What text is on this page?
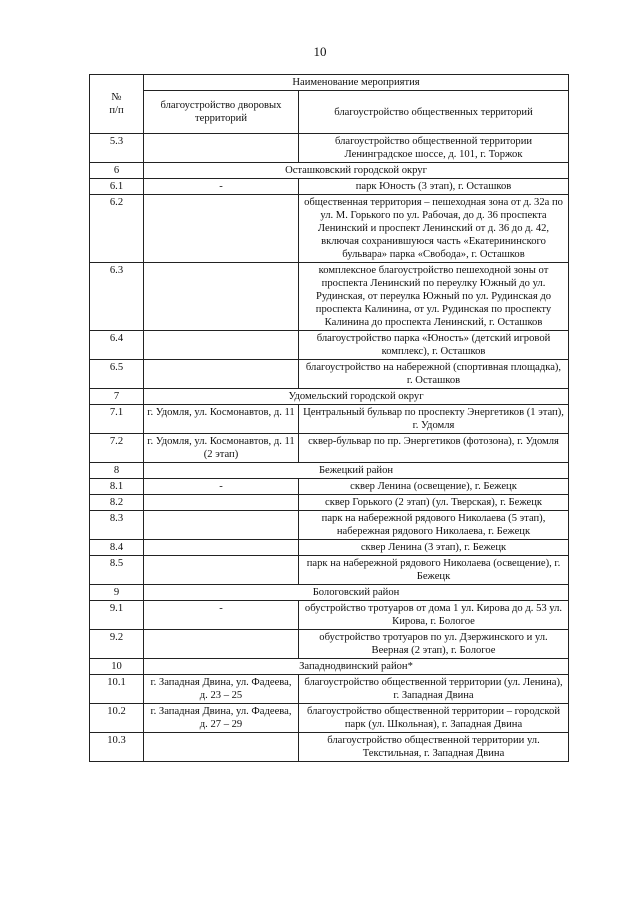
10
№
п/п	Наименование мероприятия	
	благоустройство дворовых территорий	благоустройство общественных территорий
5.3		благоустройство общественной территории Ленинградское шоссе, д. 101, г. Торжок
6	Осташковский городской округ	
6.1	-	парк Юность (3 этап), г. Осташков
6.2		общественная территория – пешеходная зона от д. 32а по ул. М. Горького по ул. Рабочая, до д. 36 проспекта Ленинский и проспект Ленинский от д. 36 до д. 42, включая сохранившуюся часть «Екатерининского бульвара» парка «Свобода», г. Осташков
6.3		комплексное благоустройство пешеходной зоны от проспекта Ленинский по переулку Южный до ул. Рудинская, от переулка Южный по ул. Рудинская до проспекта Калинина, от ул. Рудинская по проспекту Калинина до проспекта Ленинский, г. Осташков
6.4		благоустройство парка «Юность» (детский игровой комплекс), г. Осташков
6.5		благоустройство на набережной (спортивная площадка), г. Осташков
7	Удомельский городской округ	
7.1	г. Удомля, ул. Космонавтов, д. 11	Центральный бульвар по проспекту Энергетиков (1 этап), г. Удомля
7.2	г. Удомля, ул. Космонавтов, д. 11 (2 этап)	сквер-бульвар по пр. Энергетиков (фотозона), г. Удомля
8	Бежецкий район	
8.1	-	сквер Ленина (освещение), г. Бежецк
8.2		сквер Горького (2 этап) (ул. Тверская), г. Бежецк
8.3		парк на набережной рядового Николаева (5 этап), набережная рядового Николаева, г. Бежецк
8.4		сквер Ленина (3 этап), г. Бежецк
8.5		парк на набережной рядового Николаева (освещение), г. Бежецк
9	Бологовский район	
9.1	-	обустройство тротуаров от дома 1 ул. Кирова до д. 53 ул. Кирова, г. Бологое
9.2		обустройство тротуаров по ул. Дзержинского и ул. Веерная (2 этап), г. Бологое
10	Западнодвинский район*	
10.1	г. Западная Двина, ул. Фадеева, д. 23 – 25	благоустройство общественной территории (ул. Ленина), г. Западная Двина
10.2	г. Западная Двина, ул. Фадеева, д. 27 – 29	благоустройство общественной территории – городской парк (ул. Школьная), г. Западная Двина
10.3		благоустройство общественной территории ул. Текстильная, г. Западная Двина
